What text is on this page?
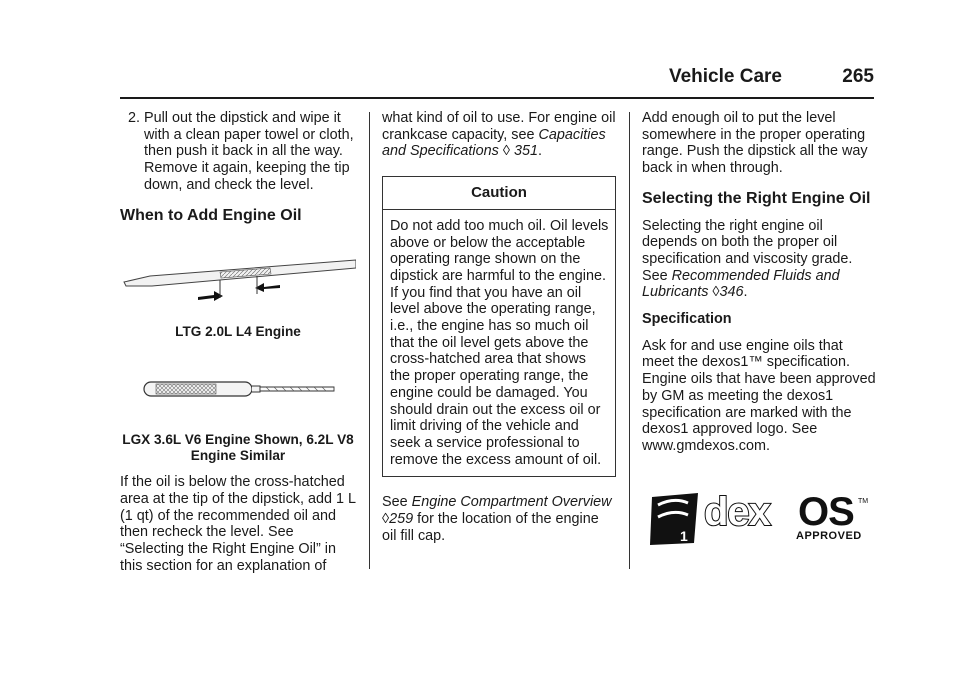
Vehicle Care	265
2. Pull out the dipstick and wipe it with a clean paper towel or cloth, then push it back in all the way. Remove it again, keeping the tip down, and check the level.
When to Add Engine Oil
LTG 2.0L L4 Engine
LGX 3.6L V6 Engine Shown, 6.2L V8 Engine Similar

If the oil is below the cross-hatched area at the tip of the dipstick, add 1 L (1 qt) of the recommended oil and then recheck the level. See “Selecting the Right Engine Oil” in this section for an explanation of

what kind of oil to use. For engine oil crankcase capacity, see Capacities and Specifications ◊ 351.

Caution
Do not add too much oil. Oil levels above or below the acceptable operating range shown on the dipstick are harmful to the engine. If you find that you have an oil level above the operating range, i.e., the engine has so much oil that the oil level gets above the cross-hatched area that shows the proper operating range, the engine could be damaged. You should drain out the excess oil or limit driving of the vehicle and seek a service professional to remove the excess amount of oil.

See Engine Compartment Overview ◊259 for the location of the engine oil fill cap.

Add enough oil to put the level somewhere in the proper operating range. Push the dipstick all the way back in when through.

Selecting the Right Engine Oil

Selecting the right engine oil depends on both the proper oil specification and viscosity grade. See Recommended Fluids and Lubricants ◊346.

Specification

Ask for and use engine oils that meet the dexos1™ specification. Engine oils that have been approved by GM as meeting the dexos1 specification are marked with the dexos1 approved logo. See www.gmdexos.com.

1
dex OS TM
APPROVED
